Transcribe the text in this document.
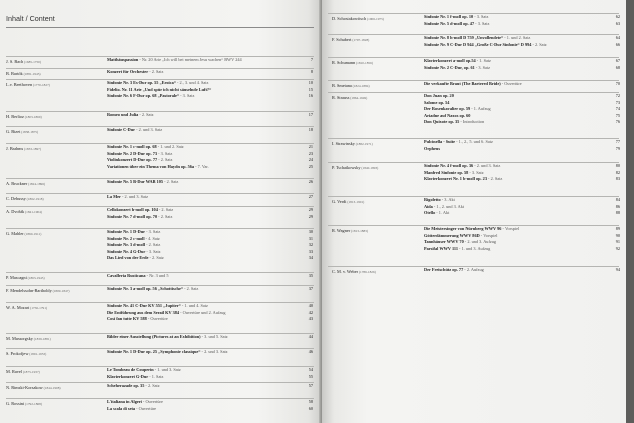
Inhalt / Content
J. S. Bach (1685-1750)	Matthäuspassion - Nr. 20 Arie „Ich will bei meinem Jesu wachen“ BWV 244	7
B. Bartók (1881-1945)	Konzert für Orchester - 2. Satz	8
L.v. Beethoven (1770-1827)	Sinfonie Nr. 3 Es-Dur op. 55 „Eroica“ - 2., 3. und 4. Satz	10
Fidelio. Nr. 11 Arie „Und spür ich nicht säuselnde Luft?“	15
Sinfonie Nr. 6 F-Dur op. 68 „Pastorale“ - 3. Satz	16
H. Berlioz (1803-1869)	Romeo und Julia - 2. Satz	17
G. Bizet (1838-1875)	Sinfonie C-Dur - 2. und 3. Satz	18
J. Brahms (1833-1897)	Sinfonie Nr. 1 c-moll op. 68 - 1. und 2. Satz	21
Sinfonie Nr. 2 D-Dur op. 73 - 3. Satz	23
Violinkonzert D-Dur op. 77 - 2. Satz	24
Variationen über ein Thema von Haydn op. 56a - 7. Var.	25
A. Bruckner (1824-1896)	Sinfonie Nr. 5 B-Dur WAB 105 - 2. Satz	26
C. Debussy (1862-1918)	La Mer - 2. und 3. Satz	27
A. Dvořák (1841-1904)	Cellokonzert h-moll op. 104 - 2. Satz	29
Sinfonie Nr. 7 d-moll op. 70 - 2. Satz	29
G. Mahler (1860-1911)	Sinfonie Nr. 1 D-Dur - 3. Satz	30
Sinfonie Nr. 2 c-moll - 4. Satz	31
Sinfonie Nr. 3 d-moll - 2. Satz	32
Sinfonie Nr. 4 G-Dur - 3. Satz	33
Das Lied von der Erde - 2. Satz	34
P. Mascagni (1863-1945)	Cavalleria Rusticana - Nr. 3 und 5	35
F. Mendelssohn-Bartholdy (1809-1847)	Sinfonie Nr. 3 a-moll op. 56 „Schottische“ - 2. Satz	37
W. A. Mozart (1756-1791)	Sinfonie Nr. 41 C-Dur KV 551 „Jupiter“ - 1. und 4. Satz	40
Die Entführung aus dem Serail KV 384 - Ouvertüre und 2. Aufzug	42
Così fan tutte KV 588 - Ouvertüre	43
M. Mussorgsky (1839-1881)	Bilder einer Ausstellung (Pictures at an Exhibition) - 3. und 5. Satz	44
S. Prokofjew (1891-1953)	Sinfonie Nr. 1 D-Dur op. 25 „Symphonie classique“ - 2. und 3. Satz	46
M. Ravel (1875-1937)	Le Tombeau de Couperin - 1. und 3. Satz	54
Klavierkonzert G-Dur - 1. Satz	55
N. Rimski-Korsakow (1844-1908)	Scheherazade op. 35 - 2. Satz	57
G. Rossini (1792-1868)	L'italiana in Algeri - Ouvertüre	58
La scala di seta - Ouvertüre	60
D. Schostakowitsch (1906-1975)	Sinfonie Nr. 1 f-moll op. 10 - 3. Satz	62
Sinfonie Nr. 5 d-moll op. 47 - 3. Satz	63
F. Schubert (1797-1828)	Sinfonie Nr. 8 h-moll D 759 „Unvollendete“ - 1. und 2. Satz	64
Sinfonie Nr. 9 C-Dur D 944 „Große C-Dur Sinfonie“ D 994 - 2. Satz	66
R. Schumann (1810-1856)	Klavierkonzert a-moll op.54 - 1. Satz	67
Sinfonie Nr. 2 C-Dur, op. 61 - 3. Satz	68
B. Smetana (1824-1884)	Die verkaufte Braut (The Bartered Bride) - Ouvertüre	70
R. Strauss (1864-1949)	Don Juan op. 20	72
Salome op. 54	73
Der Rosenkavalier op. 59 - 1. Aufzug	74
Ariadne auf Naxos op. 60	75
Don Quixote op. 35 - Introduction	76
I. Strawinsky (1882-1971)	Pulcinella - Suite - 1., 2., 5. und 6. Satz	77
Orpheus	79
P. Tschaikowsky (1840-1893)	Sinfonie Nr. 4 f-moll op. 36 - 2. und 3. Satz	80
Manfred Sinfonie op. 58 - 3. Satz	82
Klavierkonzert Nr. 1 b-moll op. 23 - 2. Satz	83
G. Verdi (1813-1901)	Rigoletto - 3. Akt	84
Aida - 1., 2. und 3. Akt	86
Otello - 1. Akt	88
R. Wagner (1813-1883)	Die Meistersinger von Nürnberg WWV 96 - Vorspiel	89
Götterdämmerung WWV 86D - Vorspiel	90
Tannhäuser WWV 70 - 2. und 3. Aufzug	91
Parsifal WWV 111 - 1. und 3. Aufzug	92
C. M. v. Weber (1786-1826)	Der Freischütz op. 77 - 2. Aufzug	94
